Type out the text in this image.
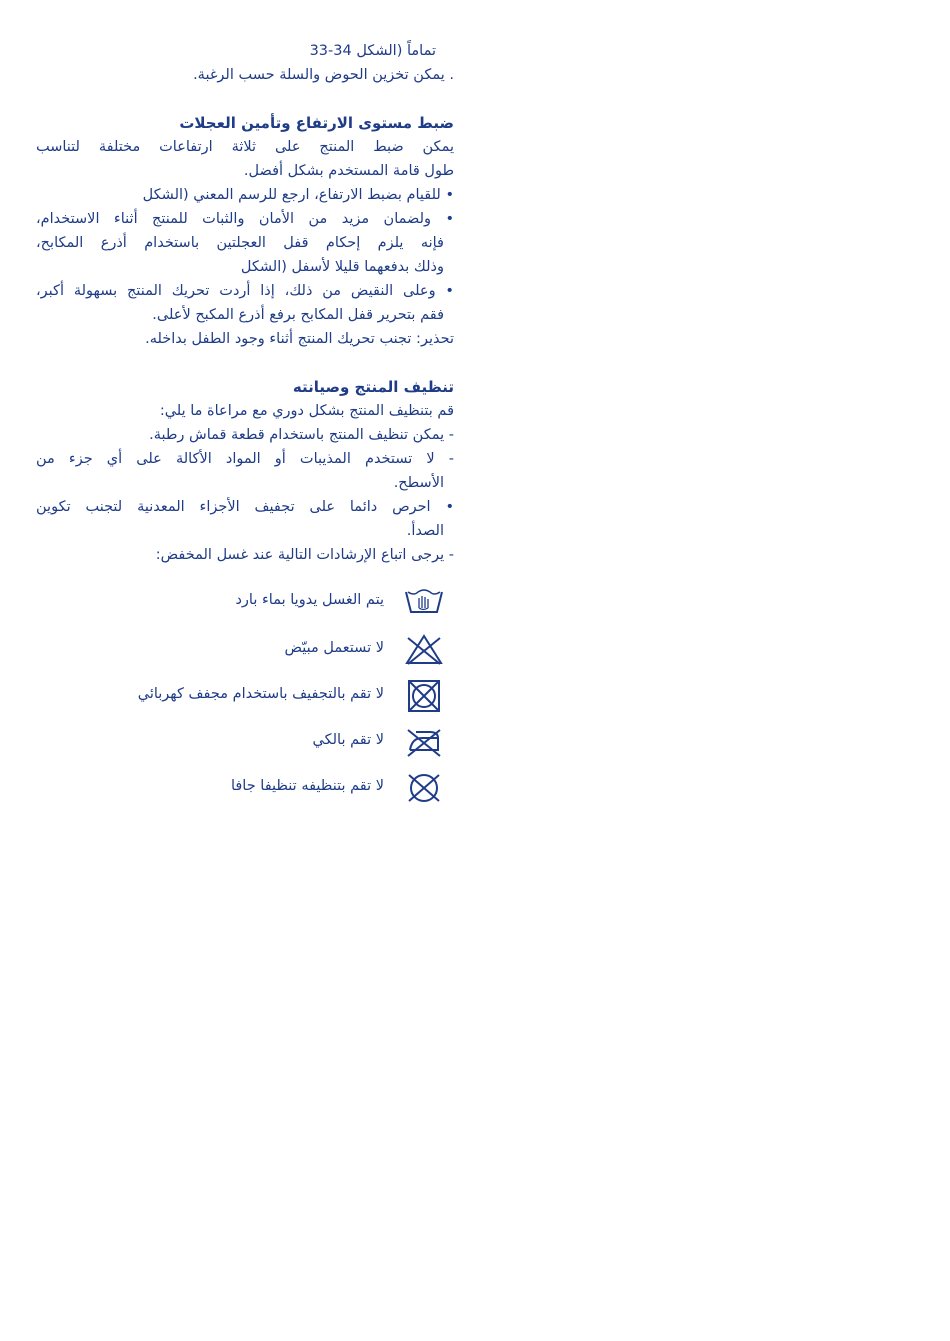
تماماً (الشكل 34-33
. يمكن تخزين الحوض والسلة حسب الرغبة.
ضبط مستوى الارتفاع وتأمين العجلات
يمكن ضبط المنتج على ثلاثة ارتفاعات مختلفة لتناسب
طول قامة المستخدم بشكل أفضل.
• للقيام بضبط الارتفاع، ارجع للرسم المعني (الشكل
• ولضمان مزيد من الأمان والثبات للمنتج أثناء الاستخدام،
فإنه يلزم إحكام قفل العجلتين باستخدام أذرع المكابح،
وذلك بدفعهما قليلا لأسفل (الشكل
• وعلى النقيض من ذلك، إذا أردت تحريك المنتج بسهولة أكبر،
فقم بتحرير قفل المكابح برفع أذرع المكبح لأعلى.
تحذير: تجنب تحريك المنتج أثناء وجود الطفل بداخله.
تنظيف المنتج وصيانته
قم بتنظيف المنتج بشكل دوري مع مراعاة ما يلي:
- يمكن تنظيف المنتج باستخدام قطعة قماش رطبة.
- لا تستخدم المذيبات أو المواد الأكالة على أي جزء من
الأسطح.
• احرص دائما على تجفيف الأجزاء المعدنية لتجنب تكوين
الصدأ.
- يرجى اتباع الإرشادات التالية عند غسل المخفض:
يتم الغسل يدويا بماء بارد
لا تستعمل مبيّض
لا تقم بالتجفيف باستخدام مجفف كهربائي
لا تقم بالكي
لا تقم بتنظيفه تنظيفا جافا
